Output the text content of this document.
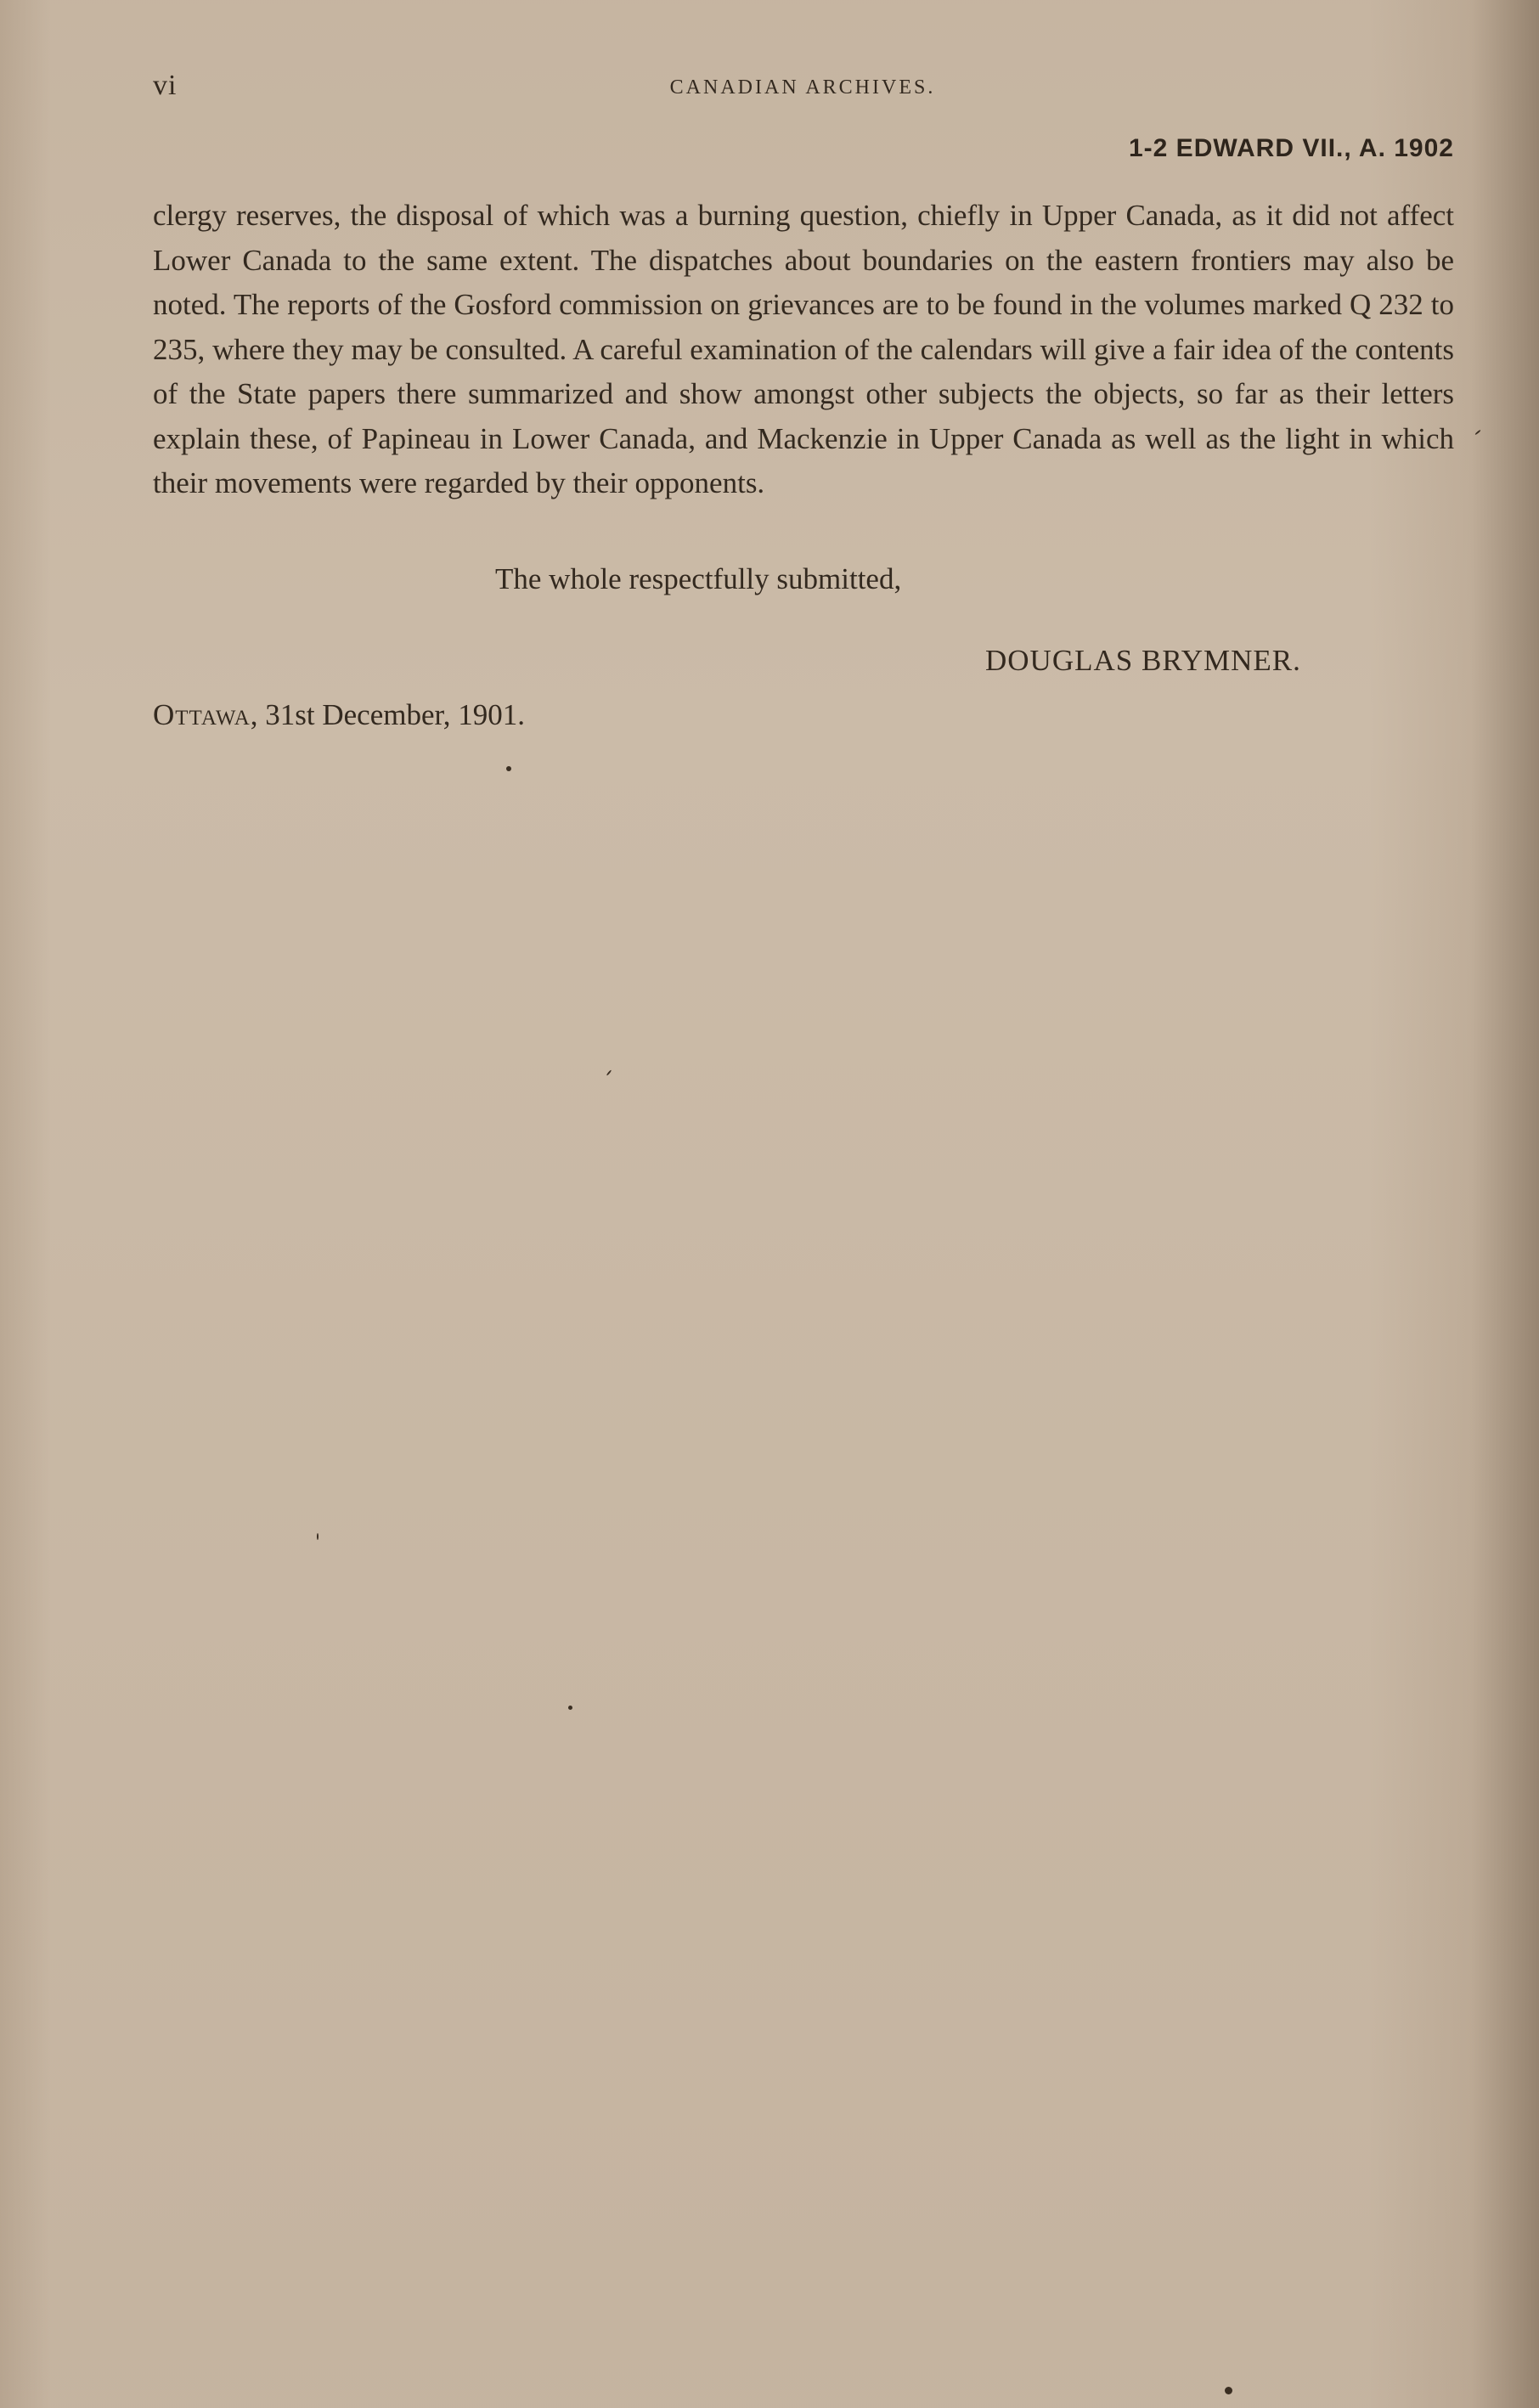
vi	CANADIAN ARCHIVES.
1-2 EDWARD VII., A. 1902

clergy reserves, the disposal of which was a burning question, chiefly in Upper Canada, as it did not affect Lower Canada to the same extent. The dispatches about boundaries on the eastern frontiers may also be noted. The reports of the Gosford commission on grievances are to be found in the volumes marked Q 232 to 235, where they may be consulted. A careful examination of the calendars will give a fair idea of the contents of the State papers there summarized and show amongst other subjects the objects, so far as their letters explain these, of Papineau in Lower Canada, and Mackenzie in Upper Canada as well as the light in which their movements were regarded by their opponents.

The whole respectfully submitted,
DOUGLAS BRYMNER.
Ottawa, 31st December, 1901.
